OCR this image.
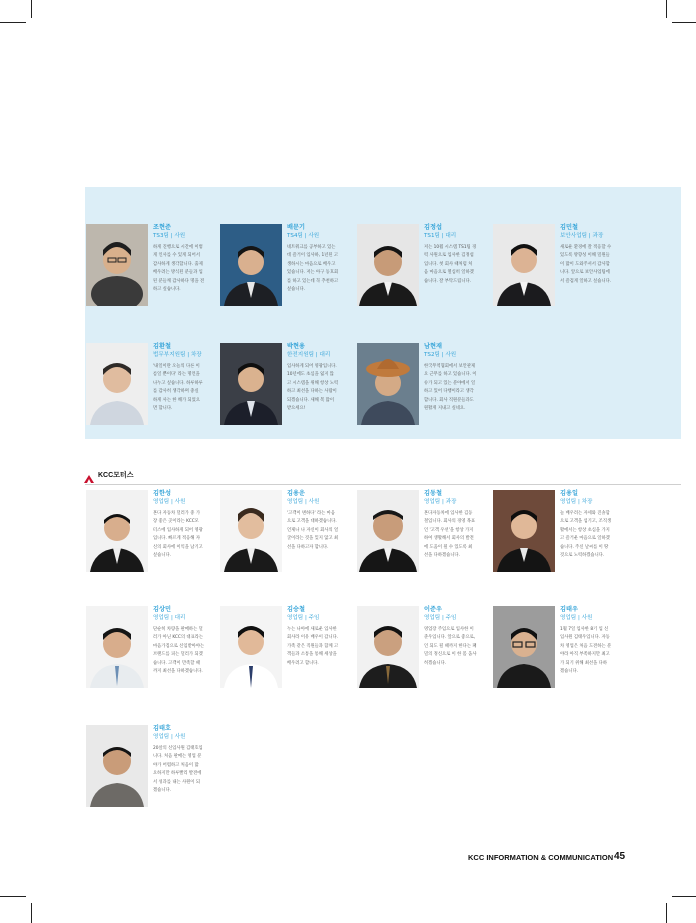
조현준
TS3팀 | 사원
하게 진행으로 시간에 이렇
게 인사를 수 있게 되어서
감사하게 생각합니다. 출제
배우려는 방식된 분들과 입
된 분들께 감사하다 명을 전
하고 싶습니다.
배문기
TS4팀 | 사원
네트워크를 공부하고 있는
데 즐거이 입사하, 1년된 고
생하시는 마음으로 배우고
있습니다. 저는 아구 동호회
를 하고 있는데 꼭 추천하고
싶습니다.
김정섭
TS1팀 | 대리
저는 10월 시스템 TS1팀 경
력 사원으로 입사한 김정섭
입니다. 첫 회사 때처럼 처
음 마음으로 열심히 일하겠
습니다. 잘 부탁드립니다.
김민철
보안사업팀 | 과장
새로운 환경에 잘 적응할 수
있도록 방향성 이해 밀원들
이 많이 도와주셔서 감사합
니다. 앞으로 보안사업팀에
서 즐겁게 일하고 싶습니다.
김환철
법무부지원팀 | 차장
'내일이란 오늘의 다른 이
름일 뿐이다' 라는 명언을
나누고 싶습니다. 하루하루
를 감사히 생각하며 충실
하게 사는 한 해가 되었으
면 합니다.
박현용
한전지원팀 | 대리
입사하게 되어 영광입니다.
10년에도 초심을 잃지 않
고 시스템을 위해 항상 노력
하고 최선을 다하는 사람이
되겠습니다. 새해 복 많이
받으세요!
남현재
TS2팀 | 사원
한국무역협회에서 보안관제
요 근무를 하고 있습니다. 이
슈가 되고 있는 분야에서 일
하고 있어 다행이라고 생각
합니다. 회사 직원분들과도
원활게 지내고 싶네요.
KCC모터스
김한성
영업팀 | 사원
혼다 자동차 딜러가 중 가
장 좋은 곳이라는 KCC모
터스에 입사하게 되어 영광
입니다. 빠르게 적응해 자
신의 회사에 이익을 남기고
싶습니다.
김용운
영업팀 | 사원
'고객이 변하다' 라는 마음
으로 고객을 대하겠습니다.
언제나 나 자신이 회사의 얼
굴이라는 것을 잊지 않고 최
선을 다하고자 합니다.
김동철
영업팀 | 과장
혼다자동차에 입사한 김동
철입니다. 회사의 경영 목표
인 '고객 우선'을 항상 가지
하여 생활해서 회사의 발전
에 도움이 될 수 있도록 최
선을 다하겠습니다.
김용일
영업팀 | 차장
늘 배우려는 자세와 진솔함
으로 고객을 섬기고, 조직생
활에서는 항상 초심을 가지
고 즐거운 마음으로 일하겠
습니다. 주신 날씨를 이 땅
것으로 노력하겠습니다.
김상민
영업팀 | 대리
단순히 차량을 판매하는 딜
러가 아닌 KCC의 대표라는
마음가짐으로 신임받아야는
브랜드를 피는 딜러가 되겠
습니다. 고객이 만족할 때
까지 최선을 다하겠습니다.
김승철
영업팀 | 주임
누는 나아에 새로운 입사한
회사라 이유 배우이 갑니다.
가족 같은 직원들과 함께 고
객들과 소통을 통해 세상을
배우려고 합니다.
이준우
영업팀 | 주임
영업장 주임으로 입사한 이
준우입니다. 앞으로 좋으로,
인 되도 될 때까지 한다는 패
밀의 정신으로 이 한 몸 움사
히겠습니다.
김태우
영업팀 | 사원
1월 7일 입사한 8기 입 신
입사원 김태우입니다. 자동
차 영업은 처음 도전하는 분
야라 아직 부족하지만 최고
가 되기 위해 최선을 다하
겠습니다.
김태호
영업팀 | 사원
20살의 신입사원 김태호입
니다. 처음 판매는 영업 분
야가 어렵하고 처음이 많
요하지만 하루빨리 발전에
서 성과를 내는 사원이 되
겠습니다.
KCC INFORMATION & COMMUNICATION 45
